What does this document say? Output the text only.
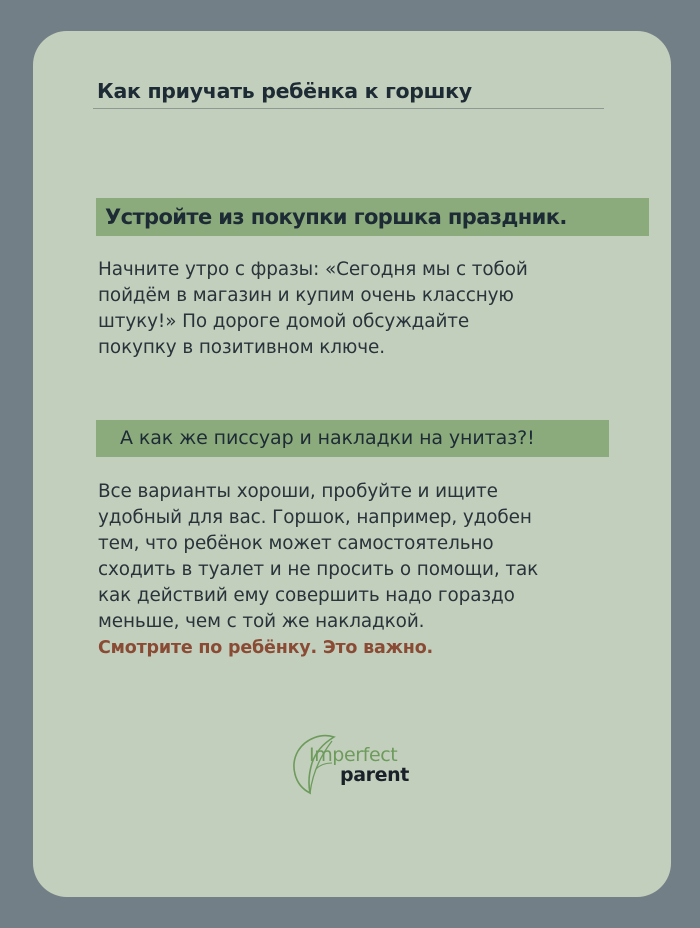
Как приучать ребёнка к горшку
Устройте из покупки горшка праздник.
Начните утро с фразы: «Сегодня мы с тобой
пойдём в магазин и купим очень классную
штуку!» По дороге домой обсуждайте
покупку в позитивном ключе.
А как же писсуар и накладки на унитаз?!
Все варианты хороши, пробуйте и ищите
удобный для вас. Горшок, например, удобен
тем, что ребёнок может самостоятельно
сходить в туалет и не просить о помощи, так
как действий ему совершить надо гораздо
меньше, чем с той же накладкой.
Смотрите по ребёнку. Это важно.
Imperfect
parent
